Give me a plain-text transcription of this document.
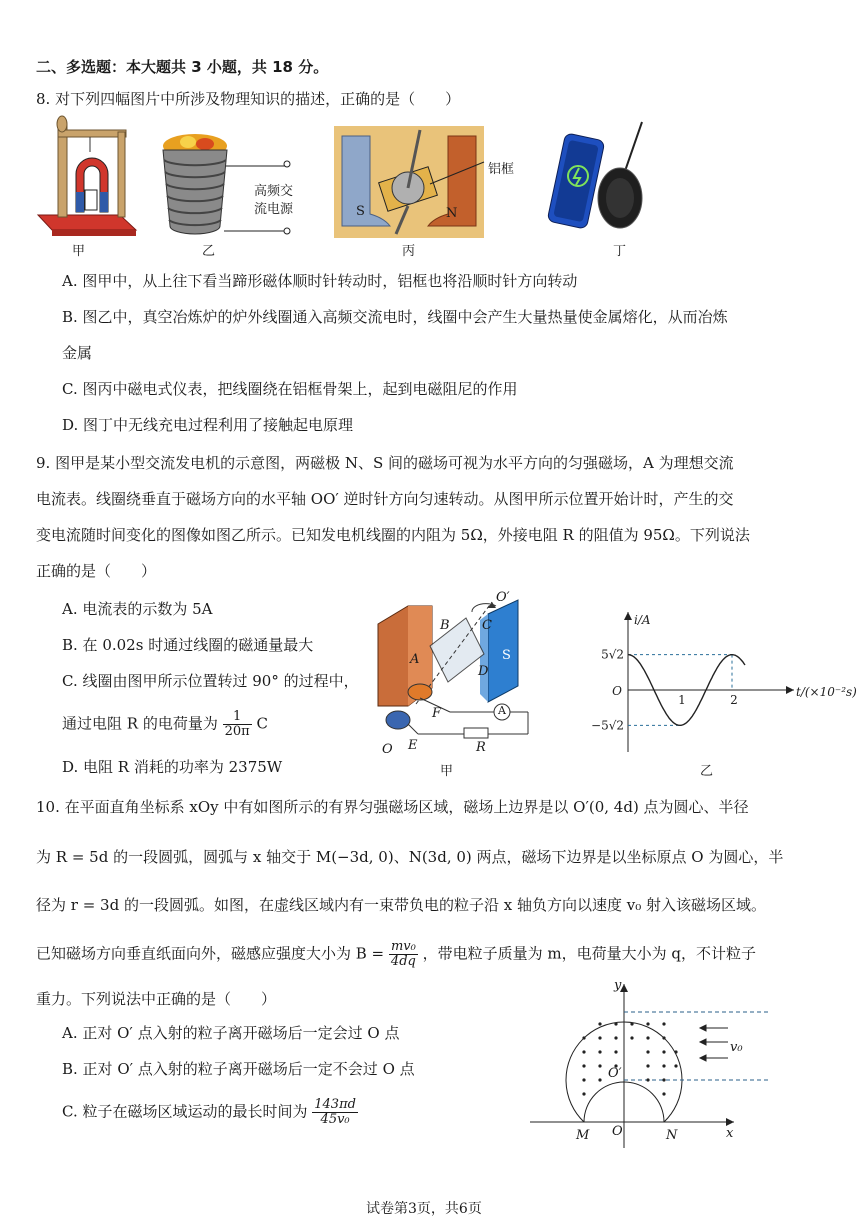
二、多选题：本大题共 3 小题，共 18 分。
8. 对下列四幅图片中所涉及物理知识的描述，正确的是（　　）
甲
高频交
流电源
乙
S	N
铝框
丙	丁
A. 图甲中，从上往下看当蹄形磁体顺时针转动时，铝框也将沿顺时针方向转动
B. 图乙中，真空冶炼炉的炉外线圈通入高频交流电时，线圈中会产生大量热量使金属熔化，从而冶炼
金属
C. 图丙中磁电式仪表，把线圈绕在铝框骨架上，起到电磁阻尼的作用
D. 图丁中无线充电过程利用了接触起电原理
9. 图甲是某小型交流发电机的示意图，两磁极 N、S 间的磁场可视为水平方向的匀强磁场，A 为理想交流
电流表。线圈绕垂直于磁场方向的水平轴 OO′ 逆时针方向匀速转动。从图甲所示位置开始计时，产生的交
变电流随时间变化的图像如图乙所示。已知发电机线圈的内阻为 5Ω，外接电阻 R 的阻值为 95Ω。下列说法
正确的是（　　）
A. 电流表的示数为 5A
B. 在 0.02s 时通过线圈的磁通量最大
C. 线圈由图甲所示位置转过 90° 的过程中，
通过电阻 R 的电荷量为 $\frac{1}{20\pi}$ C
D. 电阻 R 消耗的功率为 2375W
O′
B C
A
D
S
F
E
O	R
A
甲
5√2
O
−5√2
1	2
i/A
t/(×10⁻²s)
乙
10. 在平面直角坐标系 xOy 中有如图所示的有界匀强磁场区域，磁场上边界是以 O′(0, 4d) 点为圆心、半径
为 R = 5d 的一段圆弧，圆弧与 x 轴交于 M(−3d, 0)、N(3d, 0) 两点，磁场下边界是以坐标原点 O 为圆心，半
径为 r = 3d 的一段圆弧。如图，在虚线区域内有一束带负电的粒子沿 x 轴负方向以速度 v₀ 射入该磁场区域。
已知磁场方向垂直纸面向外，磁感应强度大小为 $B = \frac{\text{mv₀}}{4dq}$ ，带电粒子质量为 m，电荷量大小为 q，不计粒子
重力。下列说法中正确的是（　　）
A. 正对 O′ 点入射的粒子离开磁场后一定会过 O 点
B. 正对 O′ 点入射的粒子离开磁场后一定不会过 O 点
C. 粒子在磁场区域运动的最长时间为 $\frac{143\pi d}{\text{45v₀}}$
y
x
v₀
O′
M O	N
试卷第3页，共6页
